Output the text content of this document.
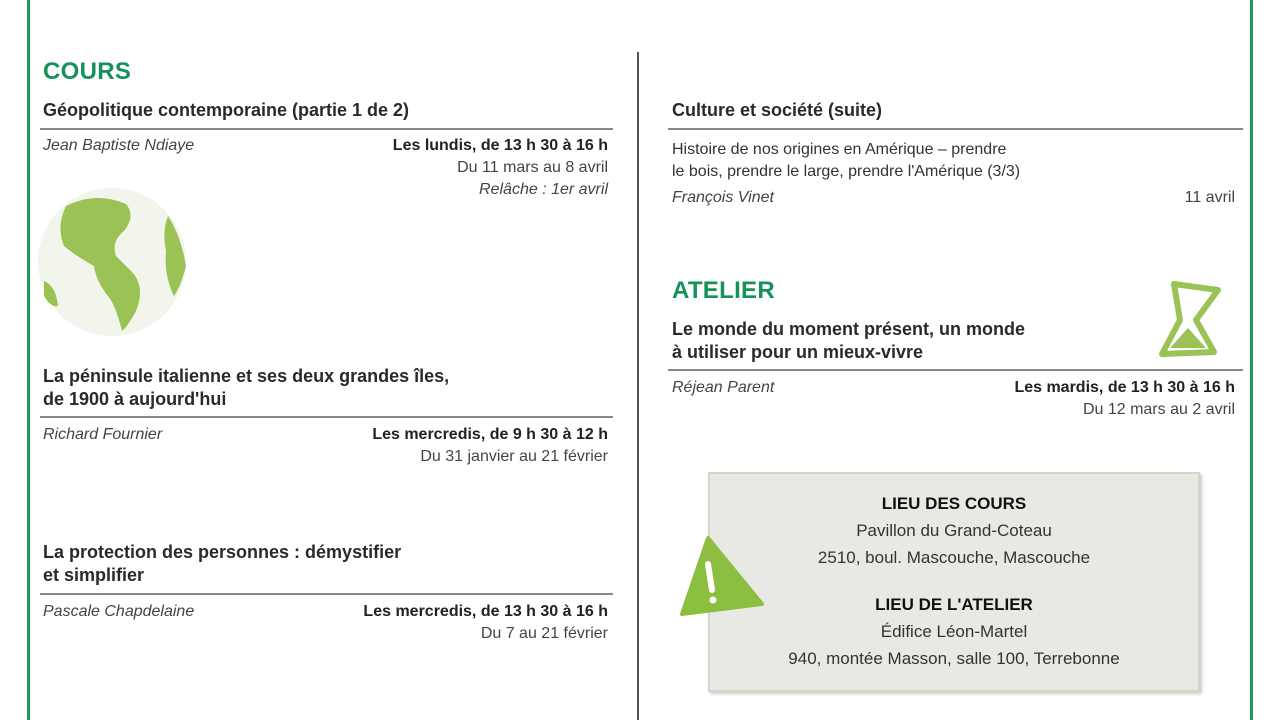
COURS
Géopolitique contemporaine (partie 1 de 2)
Jean Baptiste Ndiaye	Les lundis, de 13 h 30 à 16 h
Du 11 mars au 8 avril
Relâche : 1er avril
La péninsule italienne et ses deux grandes îles,
de 1900 à aujourd'hui
Richard Fournier	Les mercredis, de 9 h 30 à 12 h
Du 31 janvier au 21 février
La protection des personnes : démystifier
et simplifier
Pascale Chapdelaine	Les mercredis, de 13 h 30 à 16 h
Du 7 au 21 février
Culture et société (suite)
Histoire de nos origines en Amérique – prendre
le bois, prendre le large, prendre l'Amérique (3/3)
François Vinet	11 avril
ATELIER
Le monde du moment présent, un monde
à utiliser pour un mieux-vivre
Réjean Parent	Les mardis, de 13 h 30 à 16 h
Du 12 mars au 2 avril
LIEU DES COURS
Pavillon du Grand-Coteau
2510, boul. Mascouche, Mascouche
LIEU DE L'ATELIER
Édifice Léon-Martel
940, montée Masson, salle 100, Terrebonne
